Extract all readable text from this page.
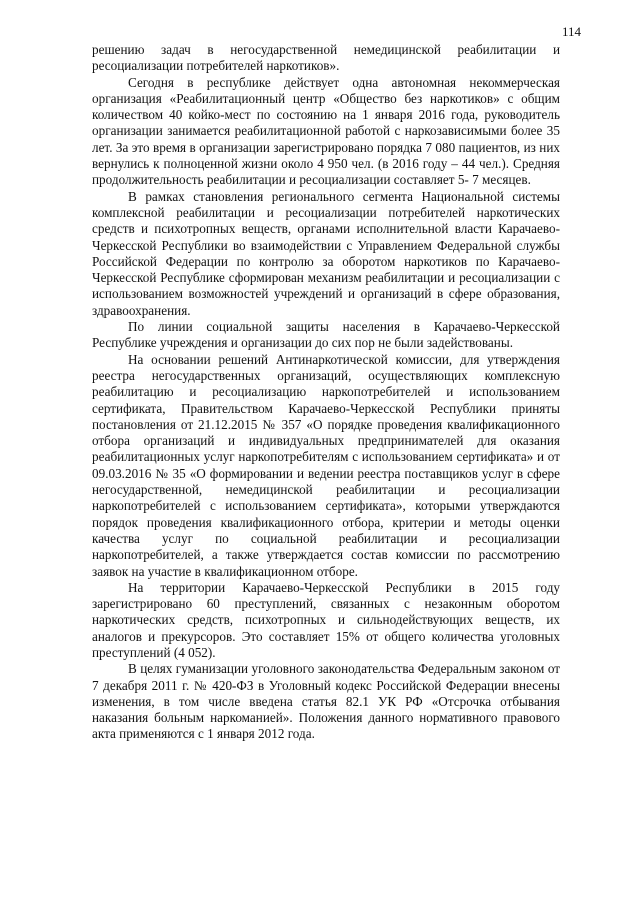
114

решению задач в негосударственной немедицинской реабилитации и ресоциализации потребителей наркотиков».

Сегодня в республике действует одна автономная некоммерческая организация «Реабилитационный центр «Общество без наркотиков» с общим количеством 40 койко-мест по состоянию на 1 января 2016 года, руководитель организации занимается реабилитационной работой с наркозависимыми более 35 лет. За это время в организации зарегистрировано порядка 7 080 пациентов, из них вернулись к полноценной жизни около 4 950 чел. (в 2016 году – 44 чел.). Средняя продолжительность реабилитации и ресоциализации составляет 5- 7 месяцев.

В рамках становления регионального сегмента Национальной системы комплексной реабилитации и ресоциализации потребителей наркотических средств и психотропных веществ, органами исполнительной власти Карачаево-Черкесской Республики во взаимодействии с Управлением Федеральной службы Российской Федерации по контролю за оборотом наркотиков по Карачаево-Черкесской Республике сформирован механизм реабилитации и ресоциализации с использованием возможностей учреждений и организаций в сфере образования, здравоохранения.

По линии социальной защиты населения в Карачаево-Черкесской Республике учреждения и организации до сих пор не были задействованы.

На основании решений Антинаркотической комиссии, для утверждения реестра негосударственных организаций, осуществляющих комплексную реабилитацию и ресоциализацию наркопотребителей и использованием сертификата, Правительством Карачаево-Черкесской Республики приняты постановления от 21.12.2015 № 357 «О порядке проведения квалификационного отбора организаций и индивидуальных предпринимателей для оказания реабилитационных услуг наркопотребителям с использованием сертификата» и от 09.03.2016 № 35 «О формировании и ведении реестра поставщиков услуг в сфере негосударственной, немедицинской реабилитации и ресоциализации наркопотребителей с использованием сертификата», которыми утверждаются порядок проведения квалификационного отбора, критерии и методы оценки качества услуг по социальной реабилитации и ресоциализации наркопотребителей, а также утверждается состав комиссии по рассмотрению заявок на участие в квалификационном отборе.

На территории Карачаево-Черкесской Республики в 2015 году зарегистрировано 60 преступлений, связанных с незаконным оборотом наркотических средств, психотропных и сильнодействующих веществ, их аналогов и прекурсоров. Это составляет 15% от общего количества уголовных преступлений (4 052).

В целях гуманизации уголовного законодательства Федеральным законом от 7 декабря 2011 г. № 420-ФЗ в Уголовный кодекс Российской Федерации внесены изменения, в том числе введена статья 82.1 УК РФ «Отсрочка отбывания наказания больным наркоманией». Положения данного нормативного правового акта применяются с 1 января 2012 года.
